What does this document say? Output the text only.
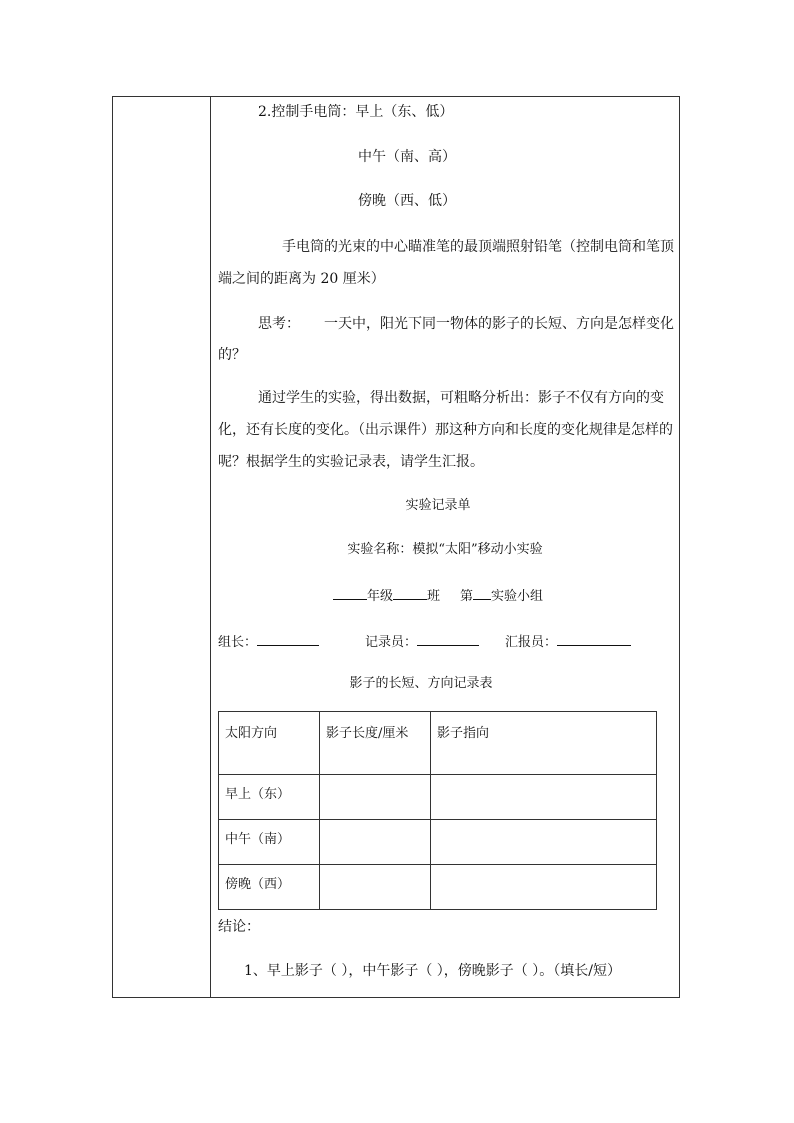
2.控制手电筒：早上（东、低）
中午（南、高）
傍晚（西、低）
手电筒的光束的中心瞄准笔的最顶端照射铅笔（控制电筒和笔顶
端之间的距离为 20 厘米）
思考： 一天中，阳光下同一物体的影子的长短、方向是怎样变化
的？
通过学生的实验，得出数据，可粗略分析出：影子不仅有方向的变
化，还有长度的变化。（出示课件）那这种方向和长度的变化规律是怎样的
呢？根据学生的实验记录表，请学生汇报。
实验记录单
实验名称：模拟“太阳”移动小实验
年级	班 第 实验小组
组长：	记录员：	汇报员：
影子的长短、方向记录表
太阳方向	影子长度/厘米	影子指向
早上（东）		
中午（南）		
傍晚（西）		
结论：
1、早上影子（ ），中午影子（ ），傍晚影子（ ）。（填长/短）
